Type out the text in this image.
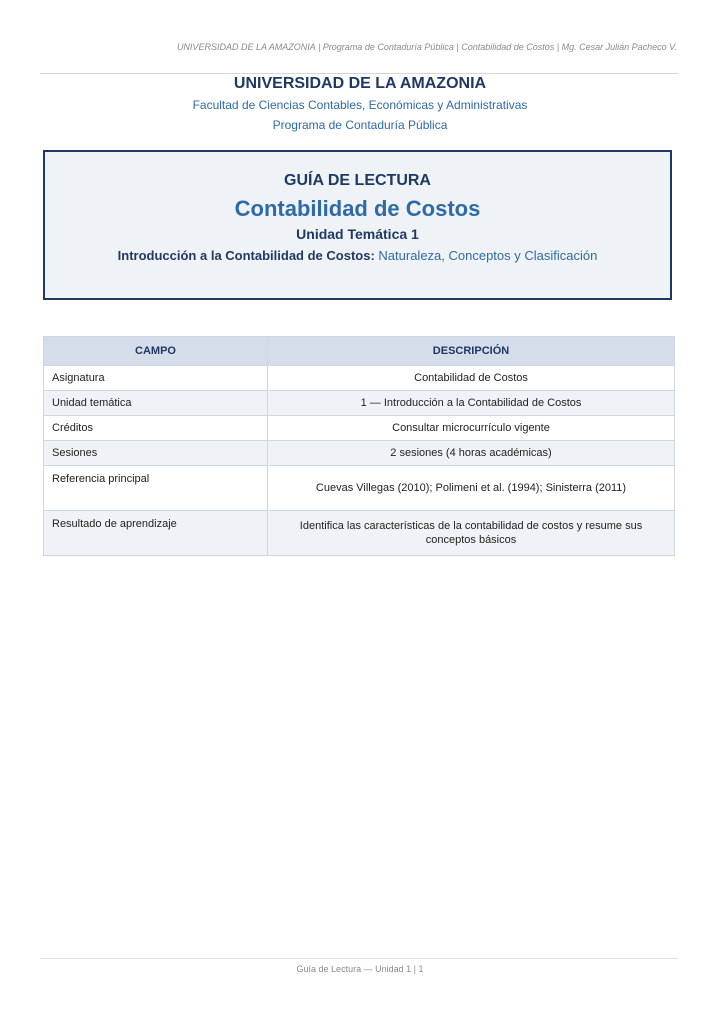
UNIVERSIDAD DE LA AMAZONIA | Programa de Contaduría Pública | Contabilidad de Costos | Mg. Cesar Julián Pacheco V.
UNIVERSIDAD DE LA AMAZONIA
Facultad de Ciencias Contables, Económicas y Administrativas
Programa de Contaduría Pública
GUÍA DE LECTURA
Contabilidad de Costos
Unidad Temática 1
Introducción a la Contabilidad de Costos: Naturaleza, Conceptos y Clasificación
CAMPO	DESCRIPCIÓN
Asignatura	Contabilidad de Costos
Unidad temática	1 — Introducción a la Contabilidad de Costos
Créditos	Consultar microcurrículo vigente
Sesiones	2 sesiones (4 horas académicas)
Referencia principal	Cuevas Villegas (2010); Polimeni et al. (1994); Sinisterra (2011)
Resultado de aprendizaje	Identifica las características de la contabilidad de costos y resume sus conceptos básicos
Guía de Lectura — Unidad 1 | 1
